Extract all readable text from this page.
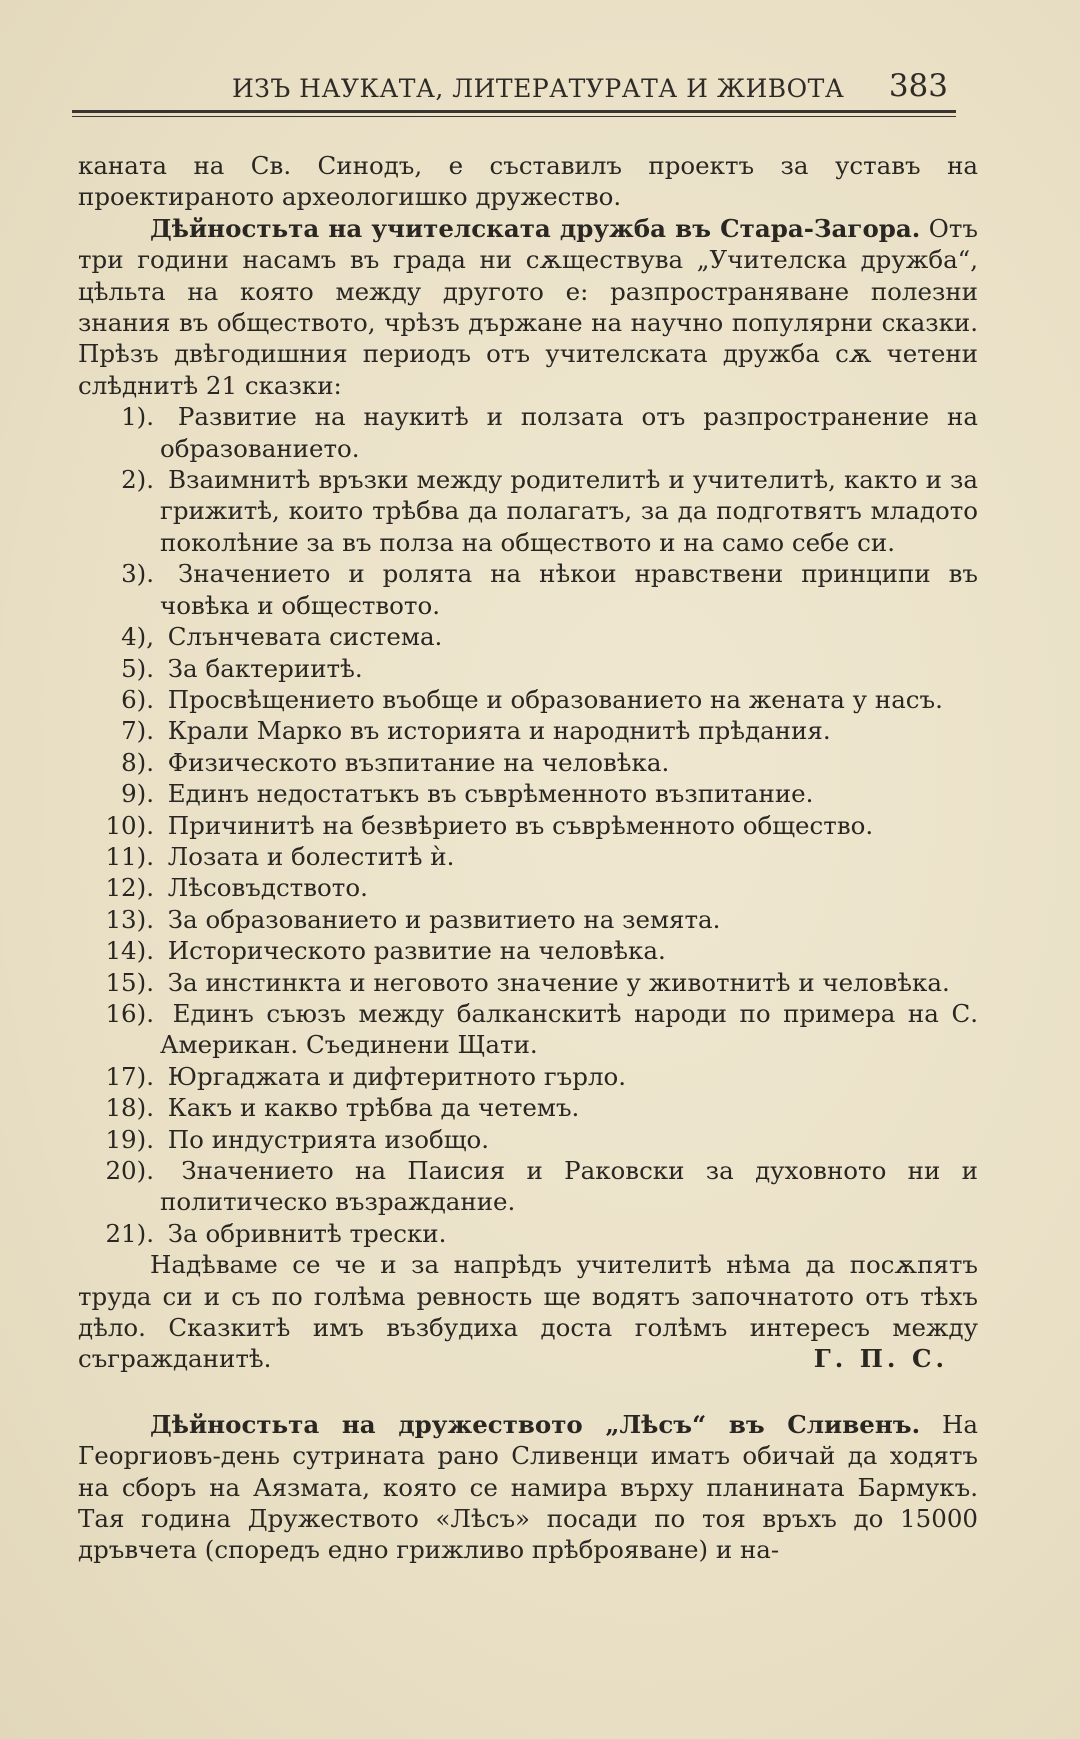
ИЗЪ НАУКАТА, ЛИТЕРАТУРАТА И ЖИВОТА 383

каната на Св. Синодъ, е съставилъ проектъ за уставъ на проектираното археологишко дружество.

Дѣйностьта на учителската дружба въ Стара-Загора. Отъ три години насамъ въ града ни сѫществува „Учителска дружба“, цѣльта на която между другото е: разпространяване полезни знания въ обществото, чрѣзъ държане на научно популярни сказки. Прѣзъ двѣгодишния периодъ отъ учителската дружба сѫ четени слѣднитѣ 21 сказки:

1). Развитие на наукитѣ и ползата отъ разпространение на образованието.

2). Взаимнитѣ връзки между родителитѣ и учителитѣ, както и за грижитѣ, които трѣбва да полагатъ, за да подготвятъ младото поколѣние за въ полза на обществото и на само себе си.

3). Значението и ролята на нѣкои нравствени принципи въ човѣка и обществото.

4), Слънчевата система.

5). За бактериитѣ.

6). Просвѣщението въобще и образованието на жената у насъ.

7). Крали Марко въ историята и народнитѣ прѣдания.

8). Физическото възпитание на человѣка.

9). Единъ недостатъкъ въ съврѣменното възпитание.

10). Причинитѣ на безвѣрието въ съврѣменното общество.

11). Лозата и болеститѣ ѝ.

12). Лѣсовъдството.

13). За образованието и развитието на земята.

14). Историческото развитие на человѣка.

15). За инстинкта и неговото значение у животнитѣ и человѣка.

16). Единъ съюзъ между балканскитѣ народи по примера на С. Американ. Съединени Щати.

17). Юргаджата и дифтеритното гърло.

18). Какъ и какво трѣбва да четемъ.

19). По индустрията изобщо.

20). Значението на Паисия и Раковски за духовното ни и политическо възраждание.

21). За обривнитѣ трески.

Надѣваме се че и за напрѣдъ учителитѣ нѣма да посѫпятъ труда си и съ по голѣма ревность ще водятъ започнатото отъ тѣхъ дѣло. Сказкитѣ имъ възбудиха доста голѣмъ интересъ между съгражданитѣ.	Г. П. С.

Дѣйностьта на дружеството „Лѣсъ“ въ Сливенъ. На Георгиовъ-день сутрината рано Сливенци иматъ обичай да ходятъ на сборъ на Аязмата, която се намира върху планината Бармукъ. Тая година Дружеството «Лѣсъ» посади по тоя връхъ до 15000 дръвчета (споредъ едно грижливо прѣброяване) и на-
